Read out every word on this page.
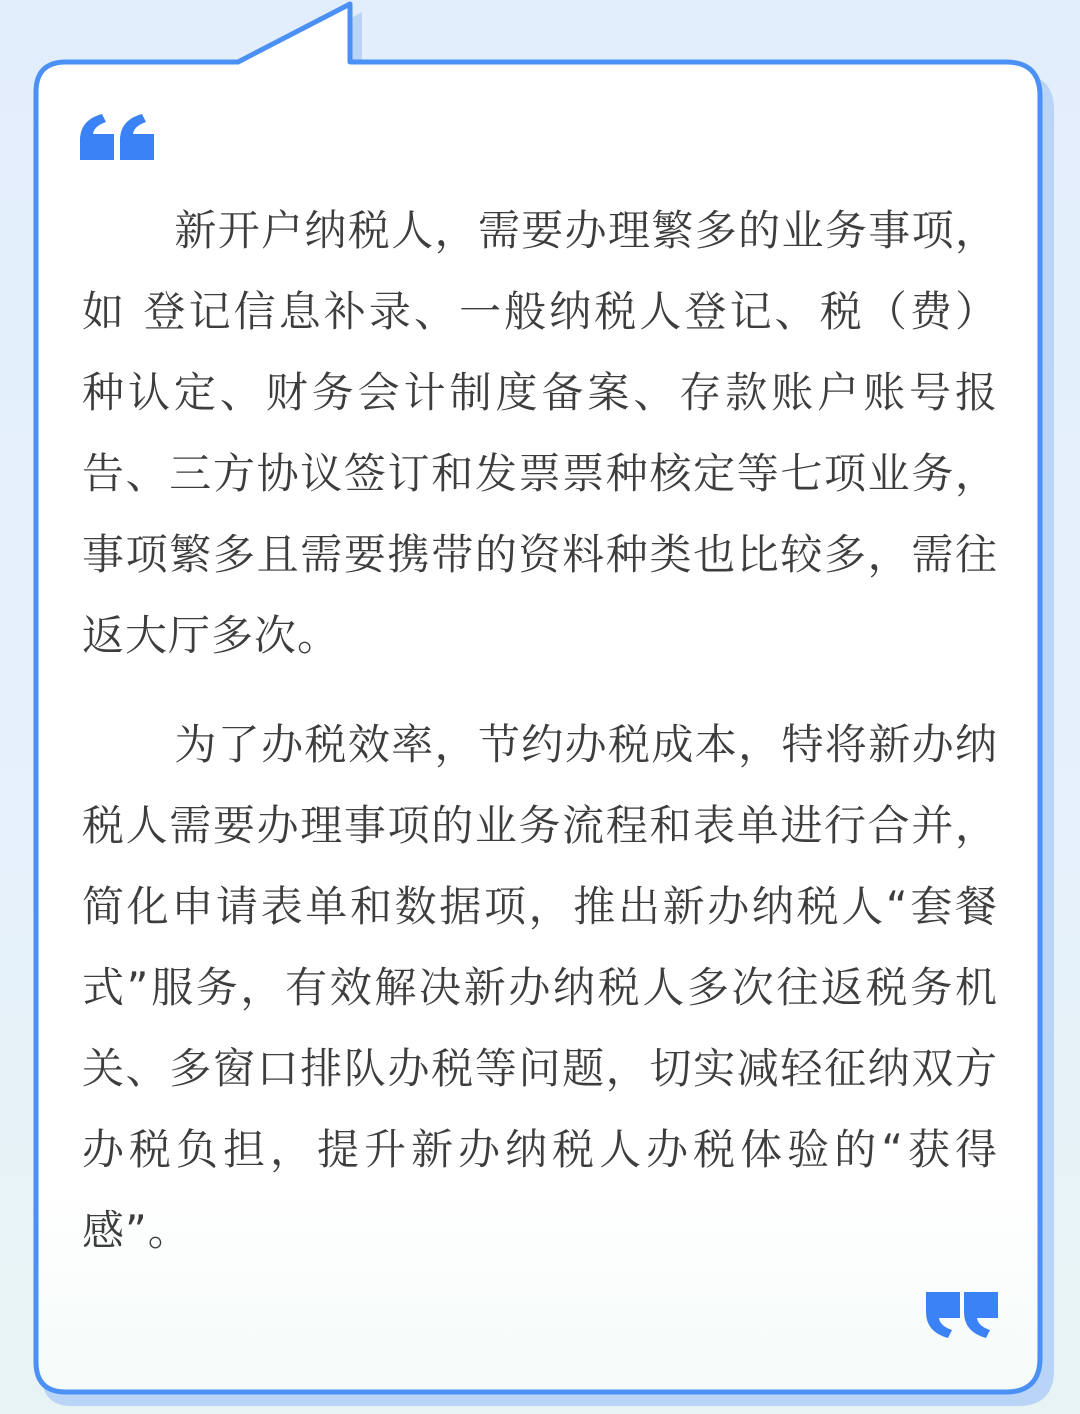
新开户纳税人，需要办理繁多的业务事项，如 登记信息补录、一般纳税人登记、税（费）种认定、财务会计制度备案、存款账户账号报告、三方协议签订和发票票种核定等七项业务，事项繁多且需要携带的资料种类也比较多，需往返大厅多次。

为了办税效率，节约办税成本，特将新办纳税人需要办理事项的业务流程和表单进行合并，简化申请表单和数据项，推出新办纳税人“套餐式”服务，有效解决新办纳税人多次往返税务机关、多窗口排队办税等问题，切实减轻征纳双方办税负担，提升新办纳税人办税体验的“获得感”。
